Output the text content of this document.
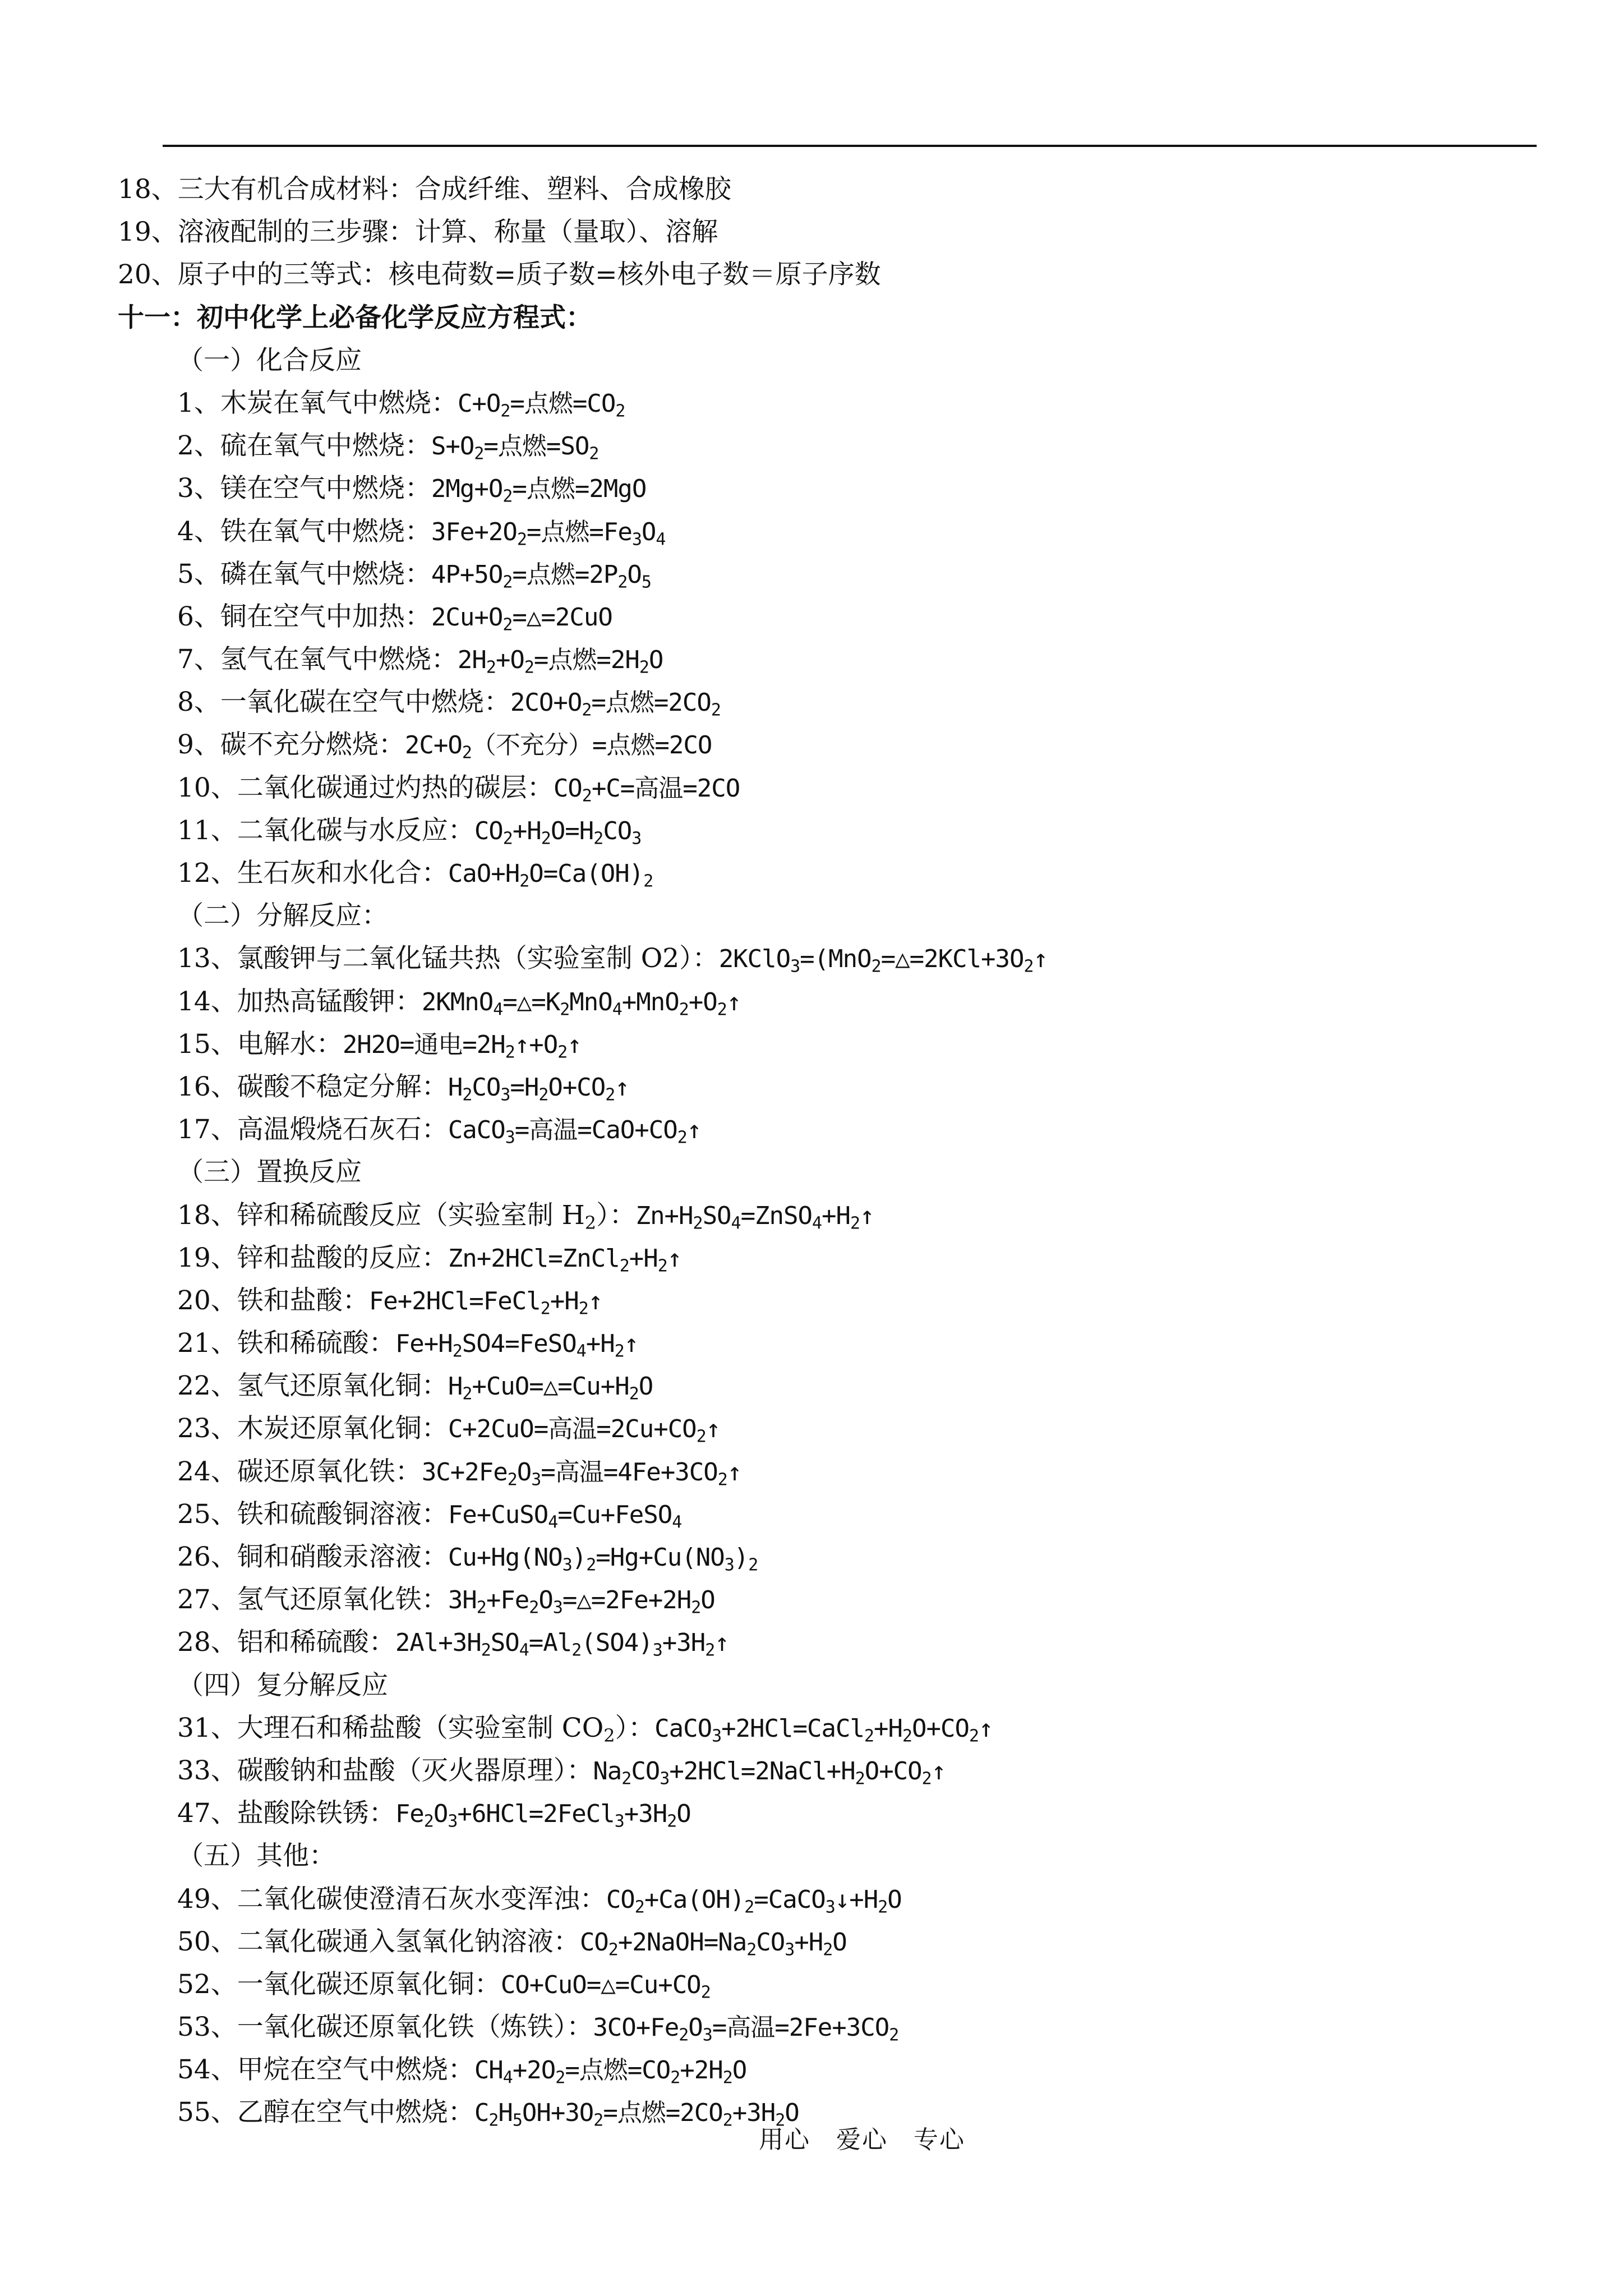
18、三大有机合成材料：合成纤维、塑料、合成橡胶
19、溶液配制的三步骤：计算、称量（量取）、溶解
20、原子中的三等式：核电荷数=质子数=核外电子数＝原子序数
十一：初中化学上必备化学反应方程式：
（一）化合反应
1、木炭在氧气中燃烧：$C+O_2=$点燃$=CO_2$
2、硫在氧气中燃烧：$S+O_2=$点燃$=SO_2$
3、镁在空气中燃烧：$2Mg+O_2=$点燃=2MgO
4、铁在氧气中燃烧：$3Fe+2O_2=$点燃$=Fe_3O_4$
5、磷在氧气中燃烧：$4P+5O_2=$点燃$=2P_2O_5$
6、铜在空气中加热：$2Cu+O_2=\triangle=2CuO$
7、氢气在氧气中燃烧：$2H_2+O_2=$点燃$=2H_2O$
8、一氧化碳在空气中燃烧：$2CO+O_2=$点燃$=2CO_2$
9、碳不充分燃烧：$2C+O_2$（不充分）=点燃=2CO
10、二氧化碳通过灼热的碳层：$CO_2+C=$高温=2CO
11、二氧化碳与水反应：$CO_2+H_2O=H_2CO_3$
12、生石灰和水化合：$CaO+H_2O=Ca(OH)_2$
（二）分解反应：
13、氯酸钾与二氧化锰共热（实验室制 O2）：$2KClO_3=(MnO_2=\triangle=2KCl+3O_2↑$
14、加热高锰酸钾：$2KMnO_4=\triangle=K_2MnO_4+MnO_2+O_2↑$
15、电解水：2H2O=通电$=2H_2↑+O_2↑$
16、碳酸不稳定分解：$H_2CO_3=H_2O+CO_2↑$
17、高温煅烧石灰石：CaCO$_3$=高温$=CaO+CO_2↑$
（三）置换反应
18、锌和稀硫酸反应（实验室制 $H_2$）：$Zn+H_2SO_4=ZnSO_4+H_2↑$
19、锌和盐酸的反应：$Zn+2HCl=ZnCl_2+H_2↑$
20、铁和盐酸：$Fe+2HCl=FeCl_2+H_2↑$
21、铁和稀硫酸：$Fe+H_2SO4=FeSO_4+H_2↑$
22、氢气还原氧化铜：$H_2+CuO=\triangle=Cu+H_2O$
23、木炭还原氧化铜：C+2CuO=高温$=2Cu+CO_2↑$
24、碳还原氧化铁：$3C+2Fe_2O_3=$高温$=4Fe+3CO_2↑$
25、铁和硫酸铜溶液：Fe+CuSO$_4$=Cu+FeSO$_4$
26、铜和硝酸汞溶液：$Cu+Hg(NO_3)_2=Hg+Cu(NO_3)_2$
27、氢气还原氧化铁：$3H_2+Fe_2O_3=\triangle=2Fe+2H_2O$
28、铝和稀硫酸：$2Al+3H_2SO_4=Al_2(SO4)_3+3H_2↑$
（四）复分解反应
31、大理石和稀盐酸（实验室制 $CO_2$）：$CaCO_3+2HCl=CaCl_2+H_2O+CO_2↑$
33、碳酸钠和盐酸（灭火器原理）：$Na_2CO_3+2HCl=2NaCl+H_2O+CO_2↑$
47、盐酸除铁锈：$Fe_2O_3+6HCl=2FeCl_3+3H_2O$
（五）其他：
49、二氧化碳使澄清石灰水变浑浊：$CO_2+Ca(OH)_2=CaCO_3↓+H_2O$
50、二氧化碳通入氢氧化钠溶液：$CO_2+2NaOH=Na_2CO_3+H_2O$
52、一氧化碳还原氧化铜：$CO+CuO=\triangle=Cu+CO_2$
53、一氧化碳还原氧化铁（炼铁）：$3CO+Fe_2O_3=$高温$=2Fe+3CO_2$
54、甲烷在空气中燃烧：$CH_4+2O_2=$点燃$=CO_2+2H_2O$
55、乙醇在空气中燃烧：$C_2H_5OH+3O_2=$点燃$=2CO_2+3H_2O$
用心　爱心　专心
